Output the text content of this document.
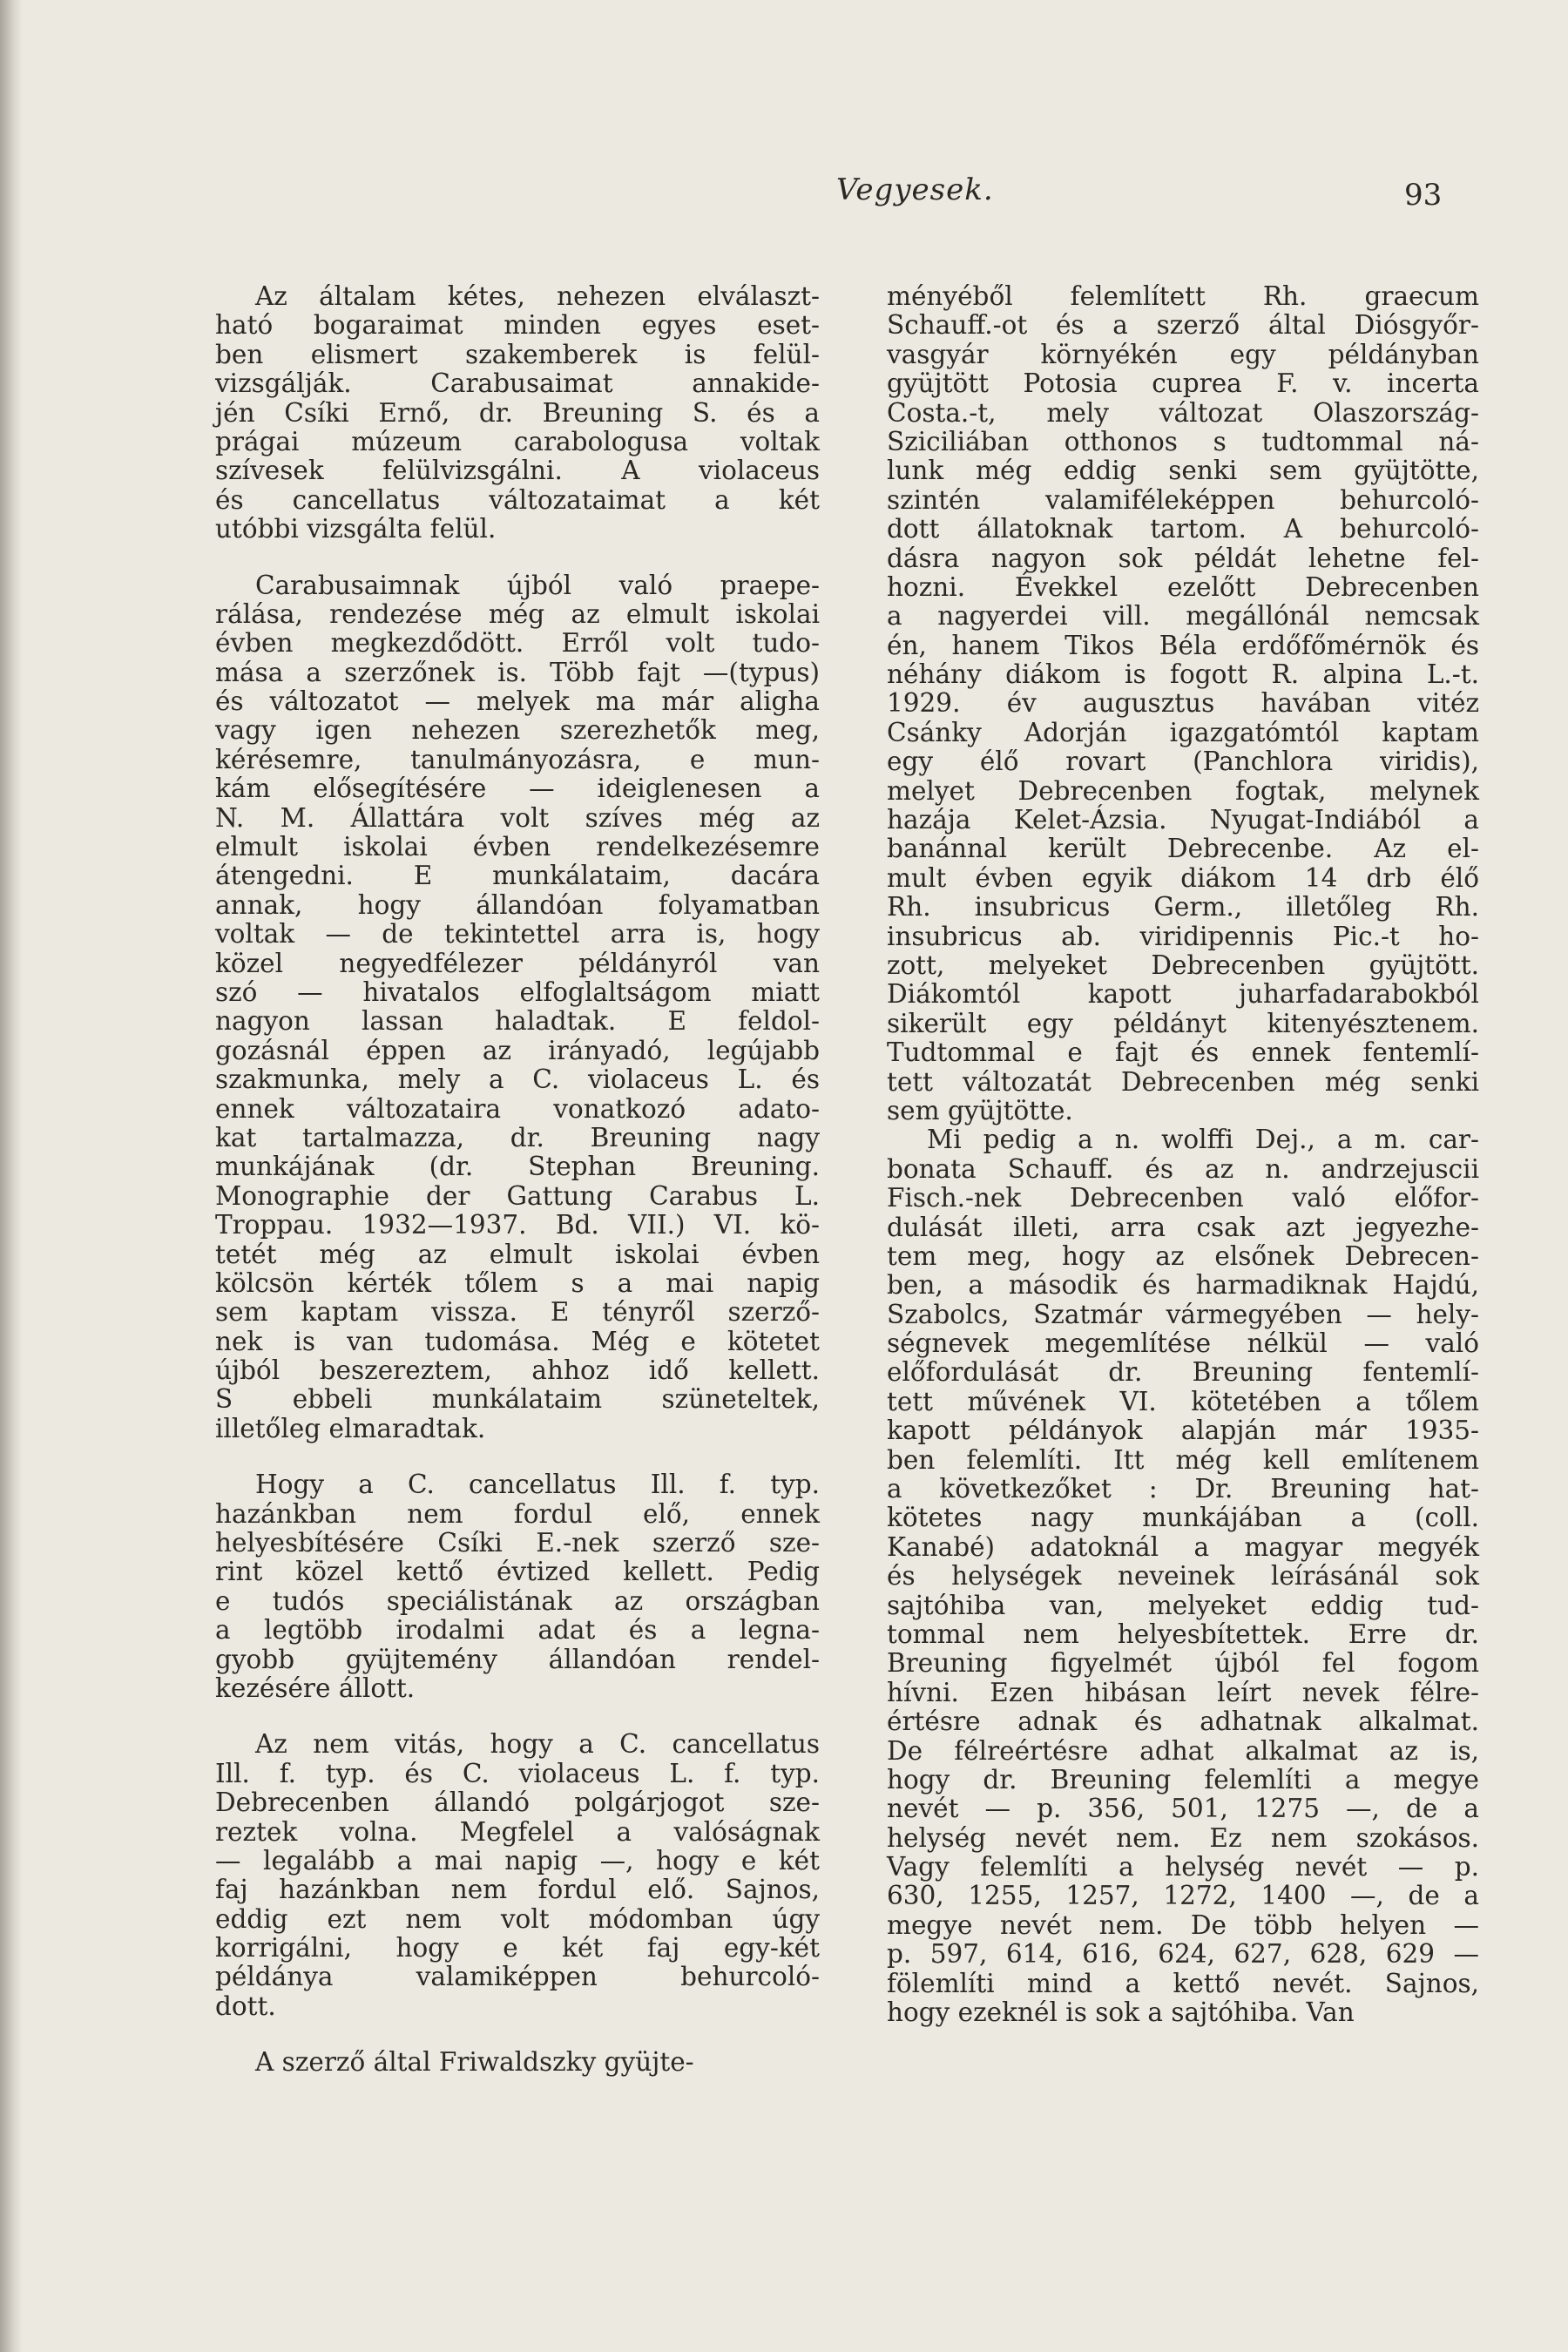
Vegyesek.	93
Az általam kétes, nehezen elválaszt-
ható bogaraimat minden egyes eset-
ben elismert szakemberek is felül-
vizsgálják. Carabusaimat annakide-
jén Csíki Ernő, dr. Breuning S. és a
prágai múzeum carabologusa voltak
szívesek felülvizsgálni. A violaceus
és cancellatus változataimat a két
utóbbi vizsgálta felül.
Carabusaimnak újból való praepe-
rálása, rendezése még az elmult iskolai
évben megkezdődött. Erről volt tudo-
mása a szerzőnek is. Több fajt —(typus)
és változatot — melyek ma már aligha
vagy igen nehezen szerezhetők meg,
kérésemre, tanulmányozásra, e mun-
kám elősegítésére — ideiglenesen a
N. M. Állattára volt szíves még az
elmult iskolai évben rendelkezésemre
átengedni. E munkálataim, dacára
annak, hogy állandóan folyamatban
voltak — de tekintettel arra is, hogy
közel negyedfélezer példányról van
szó — hivatalos elfoglaltságom miatt
nagyon lassan haladtak. E feldol-
gozásnál éppen az irányadó, legújabb
szakmunka, mely a C. violaceus L. és
ennek változataira vonatkozó adato-
kat tartalmazza, dr. Breuning nagy
munkájának (dr. Stephan Breuning.
Monographie der Gattung Carabus L.
Troppau. 1932—1937. Bd. VII.) VI. kö-
tetét még az elmult iskolai évben
kölcsön kérték tőlem s a mai napig
sem kaptam vissza. E tényről szerző-
nek is van tudomása. Még e kötetet
újból beszereztem, ahhoz idő kellett.
S ebbeli munkálataim szüneteltek,
illetőleg elmaradtak.
Hogy a C. cancellatus Ill. f. typ.
hazánkban nem fordul elő, ennek
helyesbítésére Csíki E.-nek szerző sze-
rint közel kettő évtized kellett. Pedig
e tudós speciálistának az országban
a legtöbb irodalmi adat és a legna-
gyobb gyüjtemény állandóan rendel-
kezésére állott.
Az nem vitás, hogy a C. cancellatus
Ill. f. typ. és C. violaceus L. f. typ.
Debrecenben állandó polgárjogot sze-
reztek volna. Megfelel a valóságnak
— legalább a mai napig —, hogy e két
faj hazánkban nem fordul elő. Sajnos,
eddig ezt nem volt módomban úgy
korrigálni, hogy e két faj egy-két
példánya valamiképpen behurcoló-
dott.
A szerző által Friwaldszky gyüjte-
ményéből felemlített Rh. graecum
Schauff.-ot és a szerző által Diósgyőr-
vasgyár környékén egy példányban
gyüjtött Potosia cuprea F. v. incerta
Costa.-t, mely változat Olaszország-
Sziciliában otthonos s tudtommal ná-
lunk még eddig senki sem gyüjtötte,
szintén valamiféleképpen behurcoló-
dott állatoknak tartom. A behurcoló-
dásra nagyon sok példát lehetne fel-
hozni. Évekkel ezelőtt Debrecenben
a nagyerdei vill. megállónál nemcsak
én, hanem Tikos Béla erdőfőmérnök és
néhány diákom is fogott R. alpina L.-t.
1929. év augusztus havában vitéz
Csánky Adorján igazgatómtól kaptam
egy élő rovart (Panchlora viridis),
melyet Debrecenben fogtak, melynek
hazája Kelet-Ázsia. Nyugat-Indiából a
banánnal került Debrecenbe. Az el-
mult évben egyik diákom 14 drb élő
Rh. insubricus Germ., illetőleg Rh.
insubricus ab. viridipennis Pic.-t ho-
zott, melyeket Debrecenben gyüjtött.
Diákomtól kapott juharfadarabokból
sikerült egy példányt kitenyésztenem.
Tudtommal e fajt és ennek fentemlí-
tett változatát Debrecenben még senki
sem gyüjtötte.
Mi pedig a n. wolffi Dej., a m. car-
bonata Schauff. és az n. andrzejuscii
Fisch.-nek Debrecenben való előfor-
dulását illeti, arra csak azt jegyezhe-
tem meg, hogy az elsőnek Debrecen-
ben, a második és harmadiknak Hajdú,
Szabolcs, Szatmár vármegyében — hely-
ségnevek megemlítése nélkül — való
előfordulását dr. Breuning fentemlí-
tett művének VI. kötetében a tőlem
kapott példányok alapján már 1935-
ben felemlíti. Itt még kell említenem
a következőket : Dr. Breuning hat-
kötetes nagy munkájában a (coll.
Kanabé) adatoknál a magyar megyék
és helységek neveinek leírásánál sok
sajtóhiba van, melyeket eddig tud-
tommal nem helyesbítettek. Erre dr.
Breuning figyelmét újból fel fogom
hívni. Ezen hibásan leírt nevek félre-
értésre adnak és adhatnak alkalmat.
De félreértésre adhat alkalmat az is,
hogy dr. Breuning felemlíti a megye
nevét — p. 356, 501, 1275 —, de a
helység nevét nem. Ez nem szokásos.
Vagy felemlíti a helység nevét — p.
630, 1255, 1257, 1272, 1400 —, de a
megye nevét nem. De több helyen —
p. 597, 614, 616, 624, 627, 628, 629 —
fölemlíti mind a kettő nevét. Sajnos,
hogy ezeknél is sok a sajtóhiba. Van
